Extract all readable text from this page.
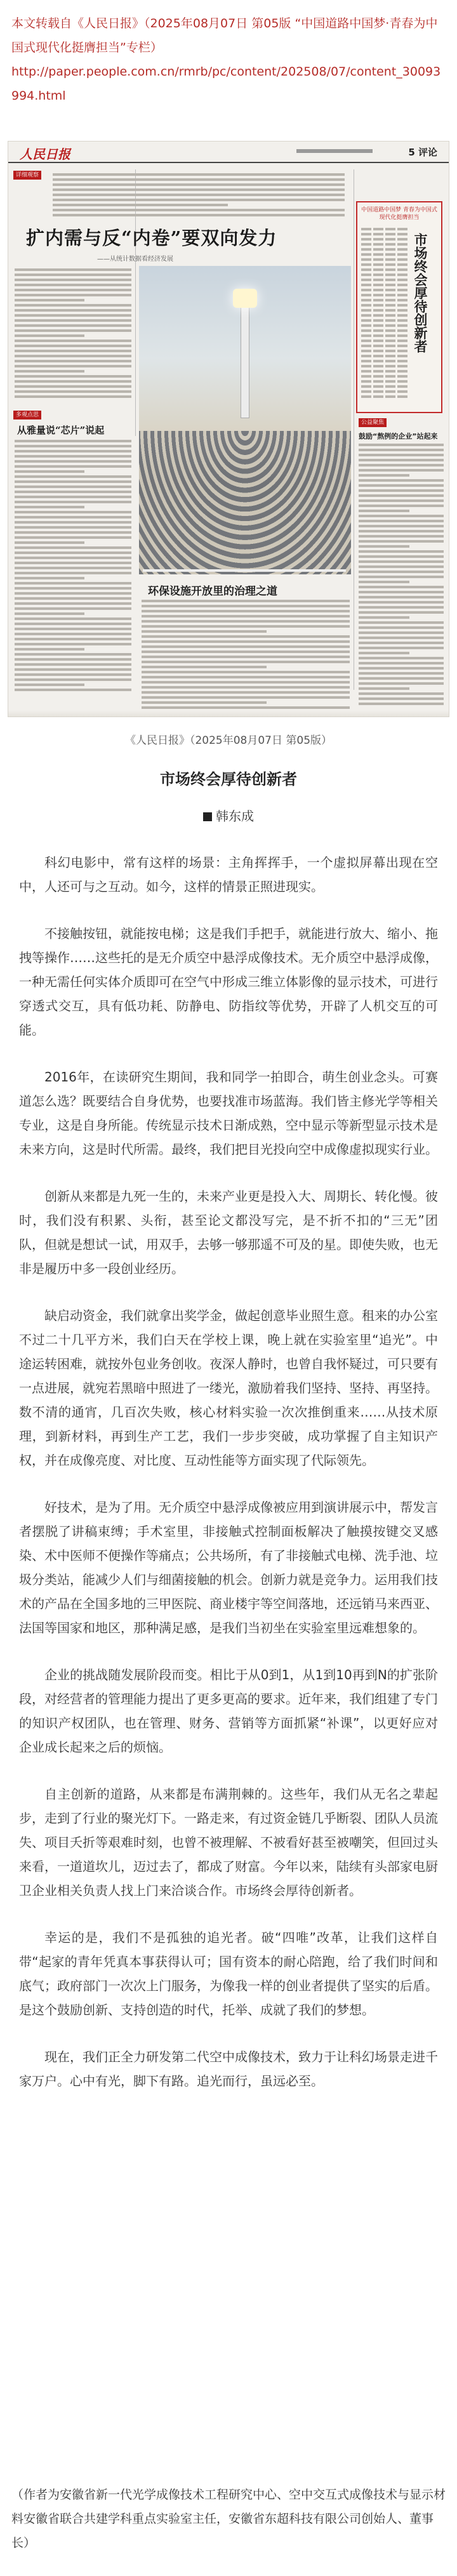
本文转载自《人民日报》（2025年08月07日 第05版 “中国道路中国梦·青春为中国式现代化挺膺担当”专栏）
http://paper.people.com.cn/rmrb/pc/content/202508/07/content_30093994.html
人民日报	5 评论
详细观察
扩内需与反“内卷”要双向发力
——从统计数据看经济发展
多观点思
从雅量说“芯片”说起
中国道路中国梦 青春为中国式现代化挺膺担当
市场终会厚待创新者
公益聚焦
鼓励“熬例的企业”站起来
环保设施开放里的治理之道
《人民日报》（2025年08月07日 第05版）
市场终会厚待创新者
韩东成

科幻电影中，常有这样的场景：主角挥挥手，一个虚拟屏幕出现在空中，人还可与之互动。如今，这样的情景正照进现实。

不接触按钮，就能按电梯；这是我们手把手，就能进行放大、缩小、拖拽等操作……这些托的是无介质空中悬浮成像技术。无介质空中悬浮成像，一种无需任何实体介质即可在空气中形成三维立体影像的显示技术，可进行穿透式交互，具有低功耗、防静电、防指纹等优势，开辟了人机交互的可能。

2016年，在读研究生期间，我和同学一拍即合，萌生创业念头。可赛道怎么选？既要结合自身优势，也要找准市场蓝海。我们皆主修光学等相关专业，这是自身所能。传统显示技术日渐成熟，空中显示等新型显示技术是未来方向，这是时代所需。最终，我们把目光投向空中成像虚拟现实行业。

创新从来都是九死一生的，未来产业更是投入大、周期长、转化慢。彼时，我们没有积累、头衔，甚至论文都没写完，是不折不扣的“三无”团队，但就是想试一试，用双手，去够一够那遥不可及的星。即使失败，也无非是履历中多一段创业经历。

缺启动资金，我们就拿出奖学金，做起创意毕业照生意。租来的办公室不过二十几平方米，我们白天在学校上课，晚上就在实验室里“追光”。中途运转困难，就按外包业务创收。夜深人静时，也曾自我怀疑过，可只要有一点进展，就宛若黑暗中照进了一缕光，激励着我们坚持、坚持、再坚持。数不清的通宵，几百次失败，核心材料实验一次次推倒重来……从技术原理，到新材料，再到生产工艺，我们一步步突破，成功掌握了自主知识产权，并在成像亮度、对比度、互动性能等方面实现了代际领先。

好技术，是为了用。无介质空中悬浮成像被应用到演讲展示中，帮发言者摆脱了讲稿束缚；手术室里，非接触式控制面板解决了触摸按键交叉感染、术中医师不便操作等痛点；公共场所，有了非接触式电梯、洗手池、垃圾分类站，能减少人们与细菌接触的机会。创新力就是竞争力。运用我们技术的产品在全国多地的三甲医院、商业楼宇等空间落地，还远销马来西亚、法国等国家和地区，那种满足感，是我们当初坐在实验室里远难想象的。

企业的挑战随发展阶段而变。相比于从0到1，从1到10再到N的扩张阶段，对经营者的管理能力提出了更多更高的要求。近年来，我们组建了专门的知识产权团队，也在管理、财务、营销等方面抓紧“补课”，以更好应对企业成长起来之后的烦恼。

自主创新的道路，从来都是布满荆棘的。这些年，我们从无名之辈起步，走到了行业的聚光灯下。一路走来，有过资金链几乎断裂、团队人员流失、项目夭折等艰难时刻，也曾不被理解、不被看好甚至被嘲笑，但回过头来看，一道道坎儿，迈过去了，都成了财富。今年以来，陆续有头部家电厨卫企业相关负责人找上门来洽谈合作。市场终会厚待创新者。

幸运的是，我们不是孤独的追光者。破“四唯”改革，让我们这样自带“起家的青年凭真本事获得认可；国有资本的耐心陪跑，给了我们时间和底气；政府部门一次次上门服务，为像我一样的创业者提供了坚实的后盾。是这个鼓励创新、支持创造的时代，托举、成就了我们的梦想。

现在，我们正全力研发第二代空中成像技术，致力于让科幻场景走进千家万户。心中有光，脚下有路。追光而行，虽远必至。

（作者为安徽省新一代光学成像技术工程研究中心、空中交互式成像技术与显示材料安徽省联合共建学科重点实验室主任，安徽省东超科技有限公司创始人、董事长）
